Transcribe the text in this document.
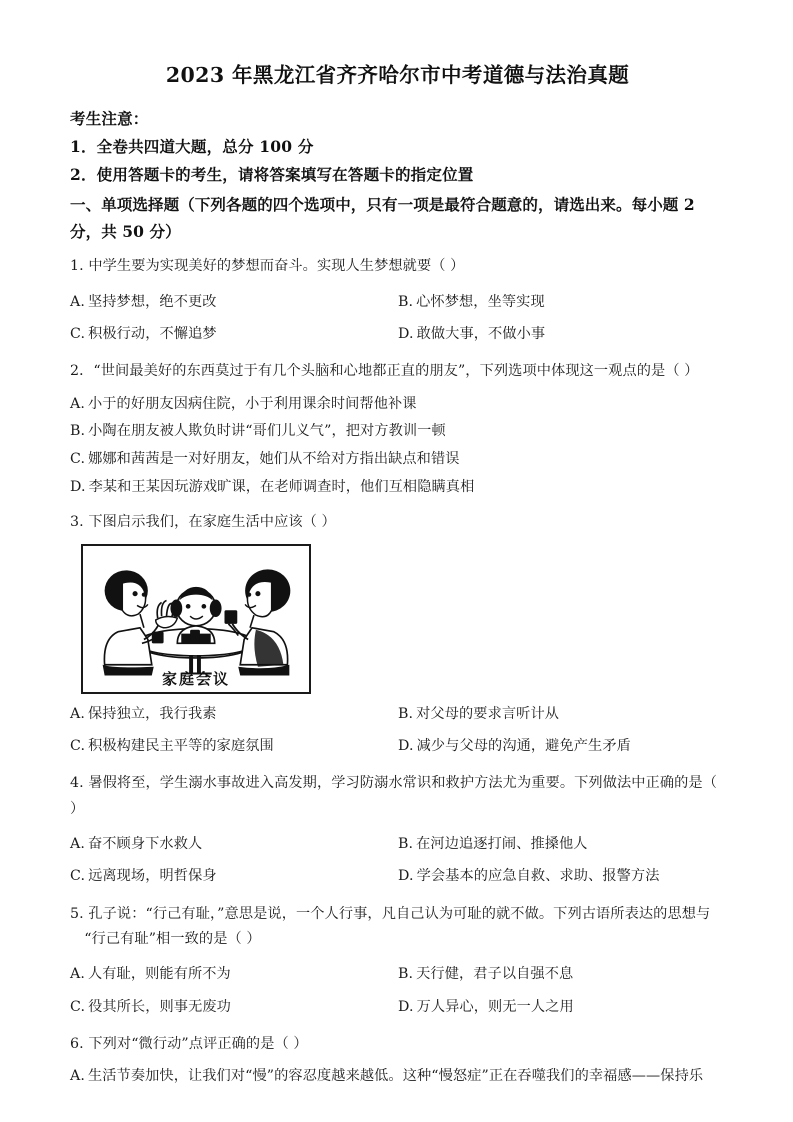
2023 年黑龙江省齐齐哈尔市中考道德与法治真题

考生注意：

1．全卷共四道大题，总分 100 分

2．使用答题卡的考生，请将答案填写在答题卡的指定位置

一、单项选择题（下列各题的四个选项中，只有一项是最符合题意的，请选出来。每小题 2 分，共 50 分）

1. 中学生要为实现美好的梦想而奋斗。实现人生梦想就要（ ）

A. 坚持梦想，绝不更改	B. 心怀梦想，坐等实现
C. 积极行动，不懈追梦	D. 敢做大事，不做小事

2．“世间最美好的东西莫过于有几个头脑和心地都正直的朋友”，下列选项中体现这一观点的是（ ）

A. 小于的好朋友因病住院，小于利用课余时间帮他补课
B. 小陶在朋友被人欺负时讲“哥们儿义气”，把对方教训一顿
C. 娜娜和茜茜是一对好朋友，她们从不给对方指出缺点和错误
D. 李某和王某因玩游戏旷课，在老师调查时，他们互相隐瞒真相

3. 下图启示我们，在家庭生活中应该（ ）

家庭会议
A. 保持独立，我行我素	B. 对父母的要求言听计从
C. 积极构建民主平等的家庭氛围	D. 减少与父母的沟通，避免产生矛盾

4. 暑假将至，学生溺水事故进入高发期，学习防溺水常识和救护方法尤为重要。下列做法中正确的是（ ）

A. 奋不顾身下水救人	B. 在河边追逐打闹、推搡他人
C. 远离现场，明哲保身	D. 学会基本的应急自救、求助、报警方法

5. 孔子说：“行己有耻，”意思是说，一个人行事，凡自己认为可耻的就不做。下列古语所表达的思想与
“行己有耻”相一致的是（ ）

A. 人有耻，则能有所不为	B. 天行健，君子以自强不息
C. 役其所长，则事无废功	D. 万人异心，则无一人之用

6. 下列对“微行动”点评正确的是（ ）

A. 生活节奏加快，让我们对“慢”的容忍度越来越低。这种“慢怒症”正在吞噬我们的幸福感——保持乐
